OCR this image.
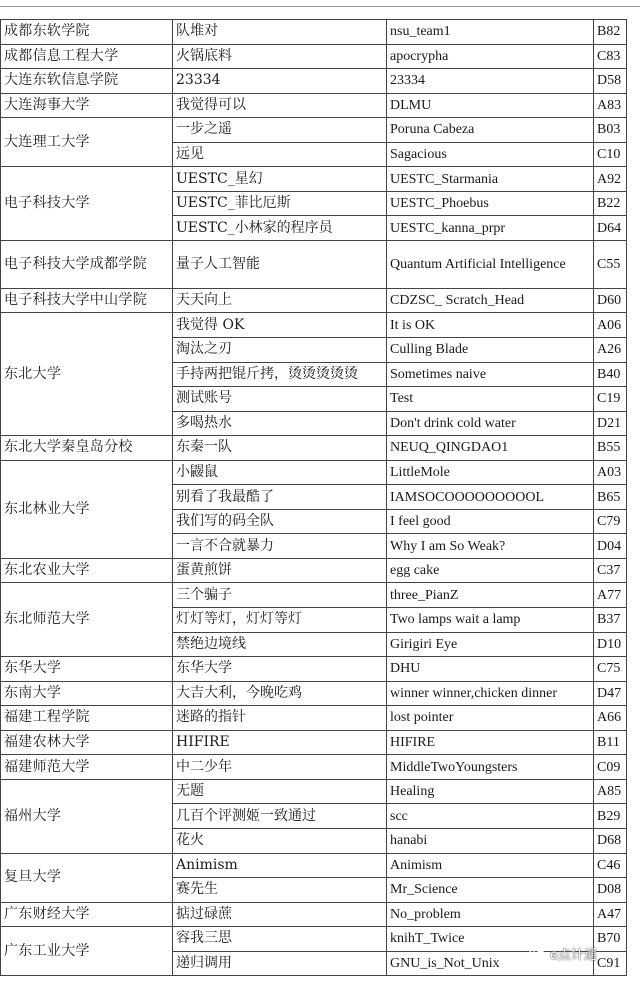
成都东软学院	队堆对	nsu_team1	B82
成都信息工程大学	火锅底料	apocrypha	C83
大连东软信息学院	23334	23334	D58
大连海事大学	我觉得可以	DLMU	A83
大连理工大学	一步之遥	Poruna Cabeza	B03
	远见	Sagacious	C10
电子科技大学	UESTC_星幻	UESTC_Starmania	A92
	UESTC_菲比厄斯	UESTC_Phoebus	B22
	UESTC_小林家的程序员	UESTC_kanna_prpr	D64
电子科技大学成都学院	量子人工智能	Quantum Artificial Intelligence	C55
电子科技大学中山学院	天天向上	CDZSC_ Scratch_Head	D60
东北大学	我觉得 OK	It is OK	A06
	淘汰之刃	Culling Blade	A26
	手持两把锟斤拷，烫烫烫烫烫	Sometimes naive	B40
	测试账号	Test	C19
	多喝热水	Don't drink cold water	D21
东北大学秦皇岛分校	东秦一队	NEUQ_QINGDAO1	B55
东北林业大学	小鼹鼠	LittleMole	A03
	别看了我最酷了	IAMSOCOOOOOOOOOL	B65
	我们写的码全队	I feel good	C79
	一言不合就暴力	Why I am So Weak?	D04
东北农业大学	蛋黄煎饼	egg cake	C37
东北师范大学	三个骗子	three_PianZ	A77
	灯灯等灯，灯灯等灯	Two lamps wait a lamp	B37
	禁绝边境线	Girigiri Eye	D10
东华大学	东华大学	DHU	C75
东南大学	大吉大利，今晚吃鸡	winner winner,chicken dinner	D47
福建工程学院	迷路的指针	lost pointer	A66
福建农林大学	HIFIRE	HIFIRE	B11
福建师范大学	中二少年	MiddleTwoYoungsters	C09
福州大学	无题	Healing	A85
	几百个评测姬一致通过	scc	B29
	花火	hanabi	D68
复旦大学	Animism	Animism	C46
	赛先生	Mr_Science	D08
广东财经大学	掂过碌蔗	No_problem	A47
广东工业大学	容我三思	knihT_Twice	B70
	递归调用	GNU_is_Not_Unix	C91
e点计通
